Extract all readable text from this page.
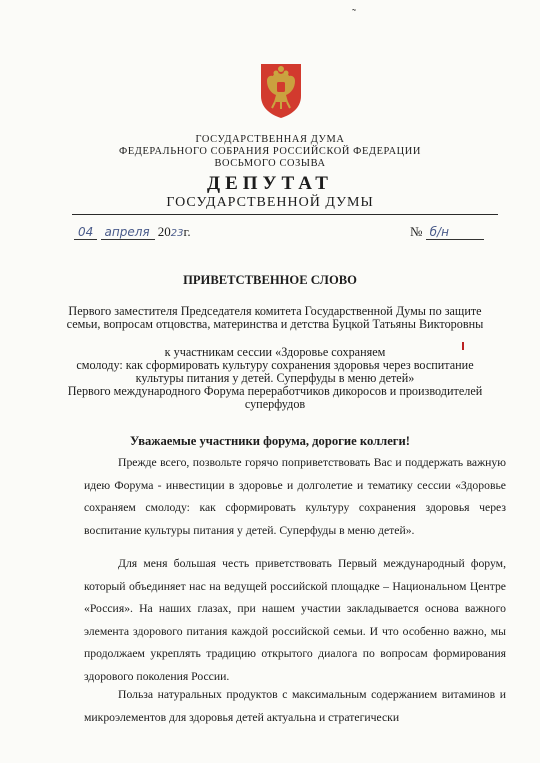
˜
ГОСУДАРСТВЕННАЯ ДУМА
ФЕДЕРАЛЬНОГО СОБРАНИЯ РОССИЙСКОЙ ФЕДЕРАЦИИ
ВОСЬМОГО СОЗЫВА
ДЕПУТАТ
ГОСУДАРСТВЕННОЙ ДУМЫ
04 апреля 2023г.	№ б/н
ПРИВЕТСТВЕННОЕ СЛОВО
Первого заместителя Председателя комитета Государственной Думы по защите
семьи, вопросам отцовства, материнства и детства Буцкой Татьяны Викторовны
к участникам сессии «Здоровье сохраняем
смолоду: как сформировать культуру сохранения здоровья через воспитание
культуры питания у детей. Суперфуды в меню детей»
Первого международного Форума переработчиков дикоросов и производителей
суперфудов
Уважаемые участники форума, дорогие коллеги!
Прежде всего, позвольте горячо поприветствовать Вас и поддержать важную идею Форума - инвестиции в здоровье и долголетие и тематику сессии «Здоровье сохраняем смолоду: как сформировать культуру сохранения здоровья через воспитание культуры питания у детей. Суперфуды в меню детей».
Для меня большая честь приветствовать Первый международный форум, который объединяет нас на ведущей российской площадке – Национальном Центре «Россия». На наших глазах, при нашем участии закладывается основа важного элемента здорового питания каждой российской семьи. И что особенно важно, мы продолжаем укреплять традицию открытого диалога по вопросам формирования здорового поколения России.
Польза натуральных продуктов с максимальным содержанием витаминов и микроэлементов для здоровья детей актуальна и стратегически
